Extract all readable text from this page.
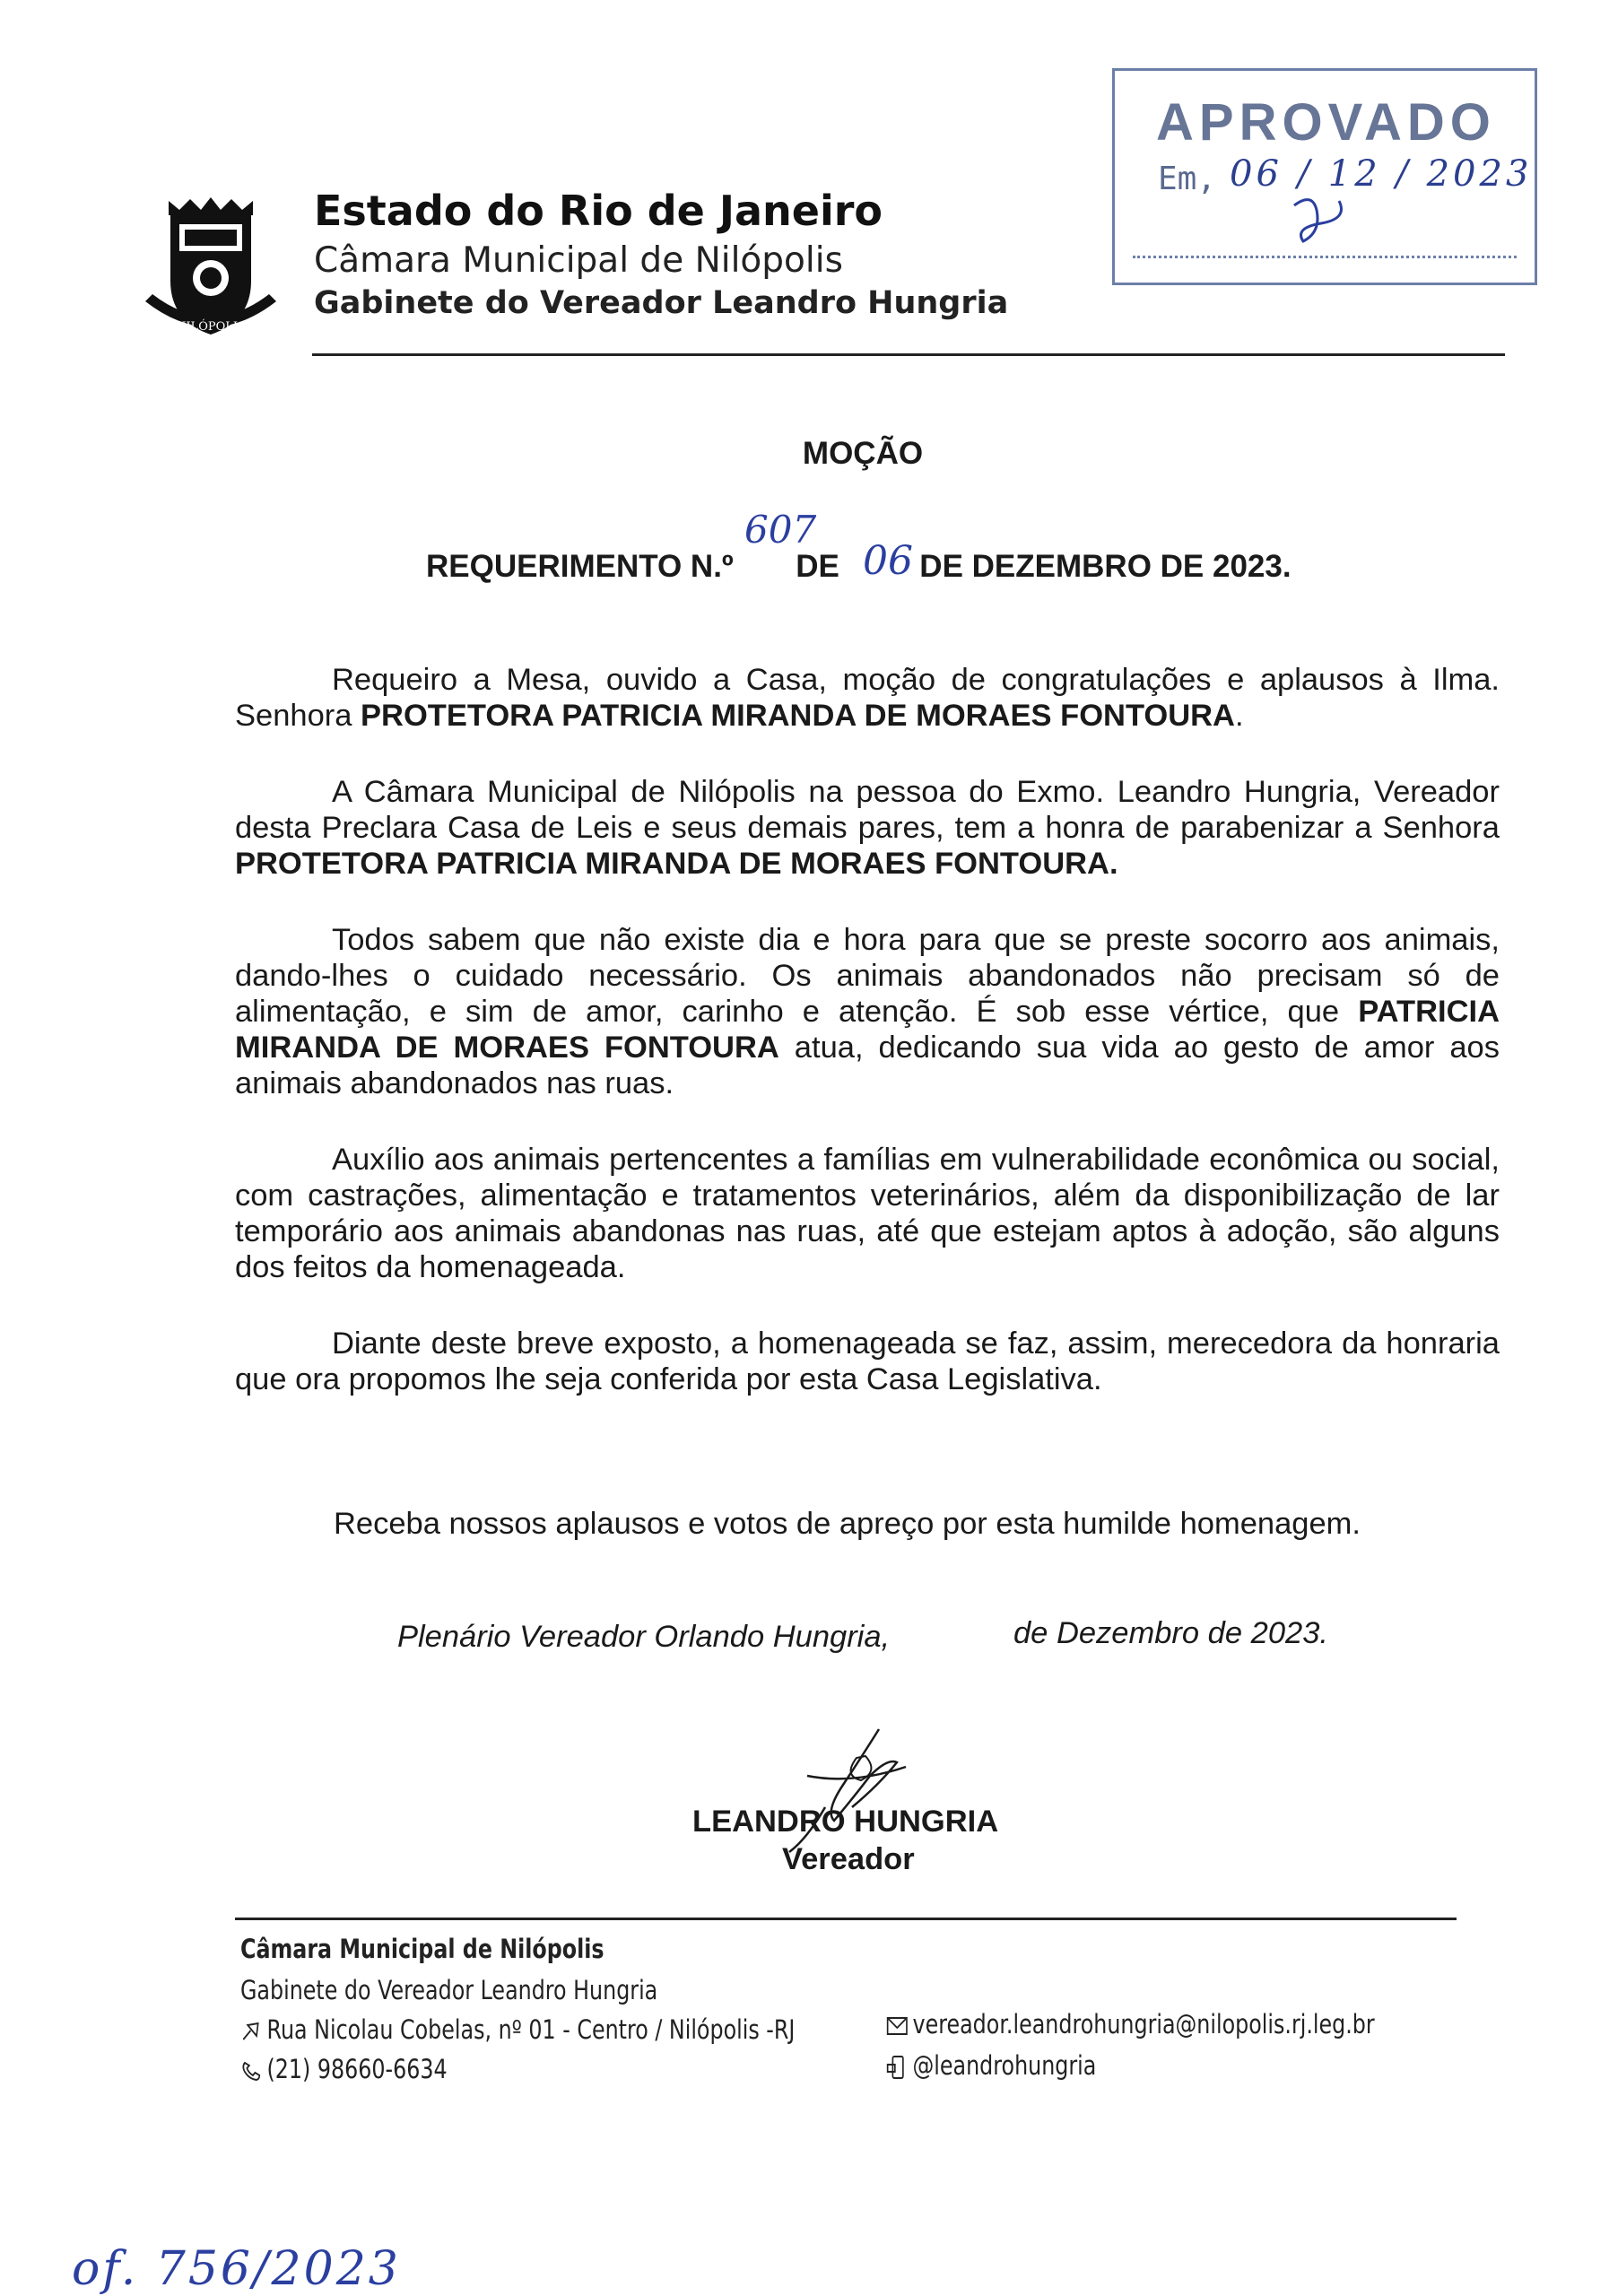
NILÓPOLIS
Estado do Rio de Janeiro
Câmara Municipal de Nilópolis
Gabinete do Vereador Leandro Hungria
APROVADO
Em, 06 / 12 / 2023
MOÇÃO
607
REQUERIMENTO N.º DE	DE DEZEMBRO DE 2023.
06

Requeiro a Mesa, ouvido a Casa, moção de congratulações e aplausos à Ilma. Senhora PROTETORA PATRICIA MIRANDA DE MORAES FONTOURA.

A Câmara Municipal de Nilópolis na pessoa do Exmo. Leandro Hungria, Vereador desta Preclara Casa de Leis e seus demais pares, tem a honra de parabenizar a Senhora PROTETORA PATRICIA MIRANDA DE MORAES FONTOURA.

Todos sabem que não existe dia e hora para que se preste socorro aos animais, dando-lhes o cuidado necessário. Os animais abandonados não precisam só de alimentação, e sim de amor, carinho e atenção. É sob esse vértice, que PATRICIA MIRANDA DE MORAES FONTOURA atua, dedicando sua vida ao gesto de amor aos animais abandonados nas ruas.

Auxílio aos animais pertencentes a famílias em vulnerabilidade econômica ou social, com castrações, alimentação e tratamentos veterinários, além da disponibilização de lar temporário aos animais abandonas nas ruas, até que estejam aptos à adoção, são alguns dos feitos da homenageada.

Diante deste breve exposto, a homenageada se faz, assim, merecedora da honraria que ora propomos lhe seja conferida por esta Casa Legislativa.

Receba nossos aplausos e votos de apreço por esta humilde homenagem.
Plenário Vereador Orlando Hungria,	de Dezembro de 2023.
LEANDRO HUNGRIA
Vereador
Câmara Municipal de Nilópolis
Gabinete do Vereador Leandro Hungria
Rua Nicolau Cobelas, nº 01 - Centro / Nilópolis -RJ
(21) 98660-6634
vereador.leandrohungria@nilopolis.rj.leg.br
@leandrohungria
of. 756/2023
